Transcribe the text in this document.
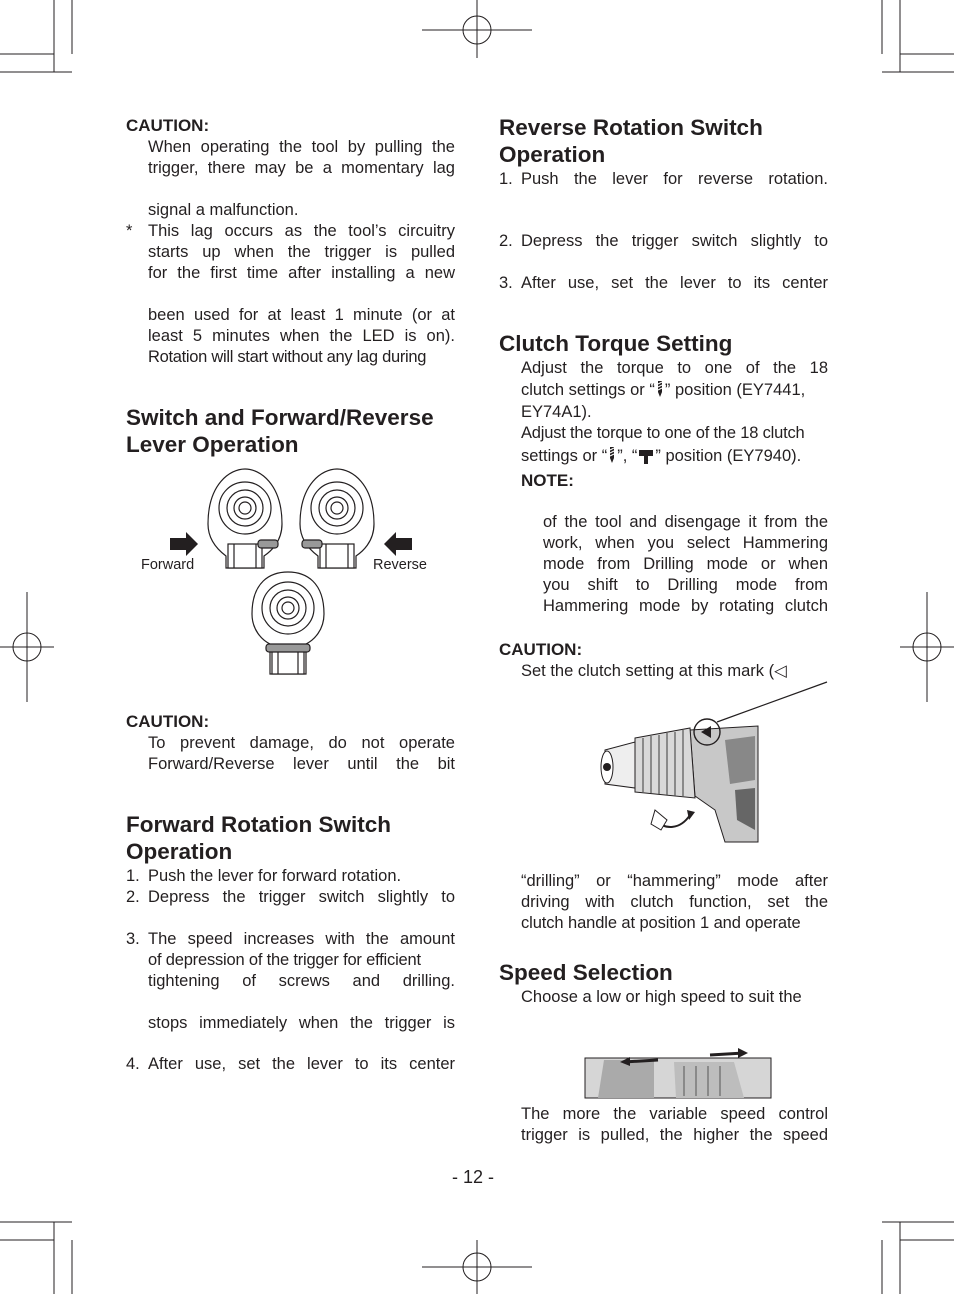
CAUTION:
When operating the tool by pulling the
trigger, there may be a momentary lag
signal a malfunction.
* This lag occurs as the tool’s circuitry
starts up when the trigger is pulled
for the first time after installing a new
been used for at least 1 minute (or at
least 5 minutes when the LED is on).
Rotation will start without any lag during
Switch and Forward/Reverse
Lever Operation
Forward	Reverse
CAUTION:
To prevent damage, do not operate
Forward/Reverse lever until the bit
Forward Rotation Switch
Operation
1. Push the lever for forward rotation.
2. Depress the trigger switch slightly to
3. The speed increases with the amount
of depression of the trigger for efficient
tightening of screws and drilling.
stops immediately when the trigger is
4. After use, set the lever to its center
Reverse Rotation Switch
Operation
1. Push the lever for reverse rotation.
2. Depress the trigger switch slightly to
3. After use, set the lever to its center
Clutch Torque Setting
Adjust the torque to one of the 18
clutch settings or “ ” position (EY7441,
EY74A1).
Adjust the torque to one of the 18 clutch
settings or “ ”, “ ” position (EY7940).
NOTE:
of the tool and disengage it from the
work, when you select Hammering
mode from Drilling mode or when
you shift to Drilling mode from
Hammering mode by rotating clutch
CAUTION:
Set the clutch setting at this mark (◁
“drilling” or “hammering” mode after
driving with clutch function, set the
clutch handle at position 1 and operate
Speed Selection
Choose a low or high speed to suit the
The more the variable speed control
trigger is pulled, the higher the speed
- 12 -
